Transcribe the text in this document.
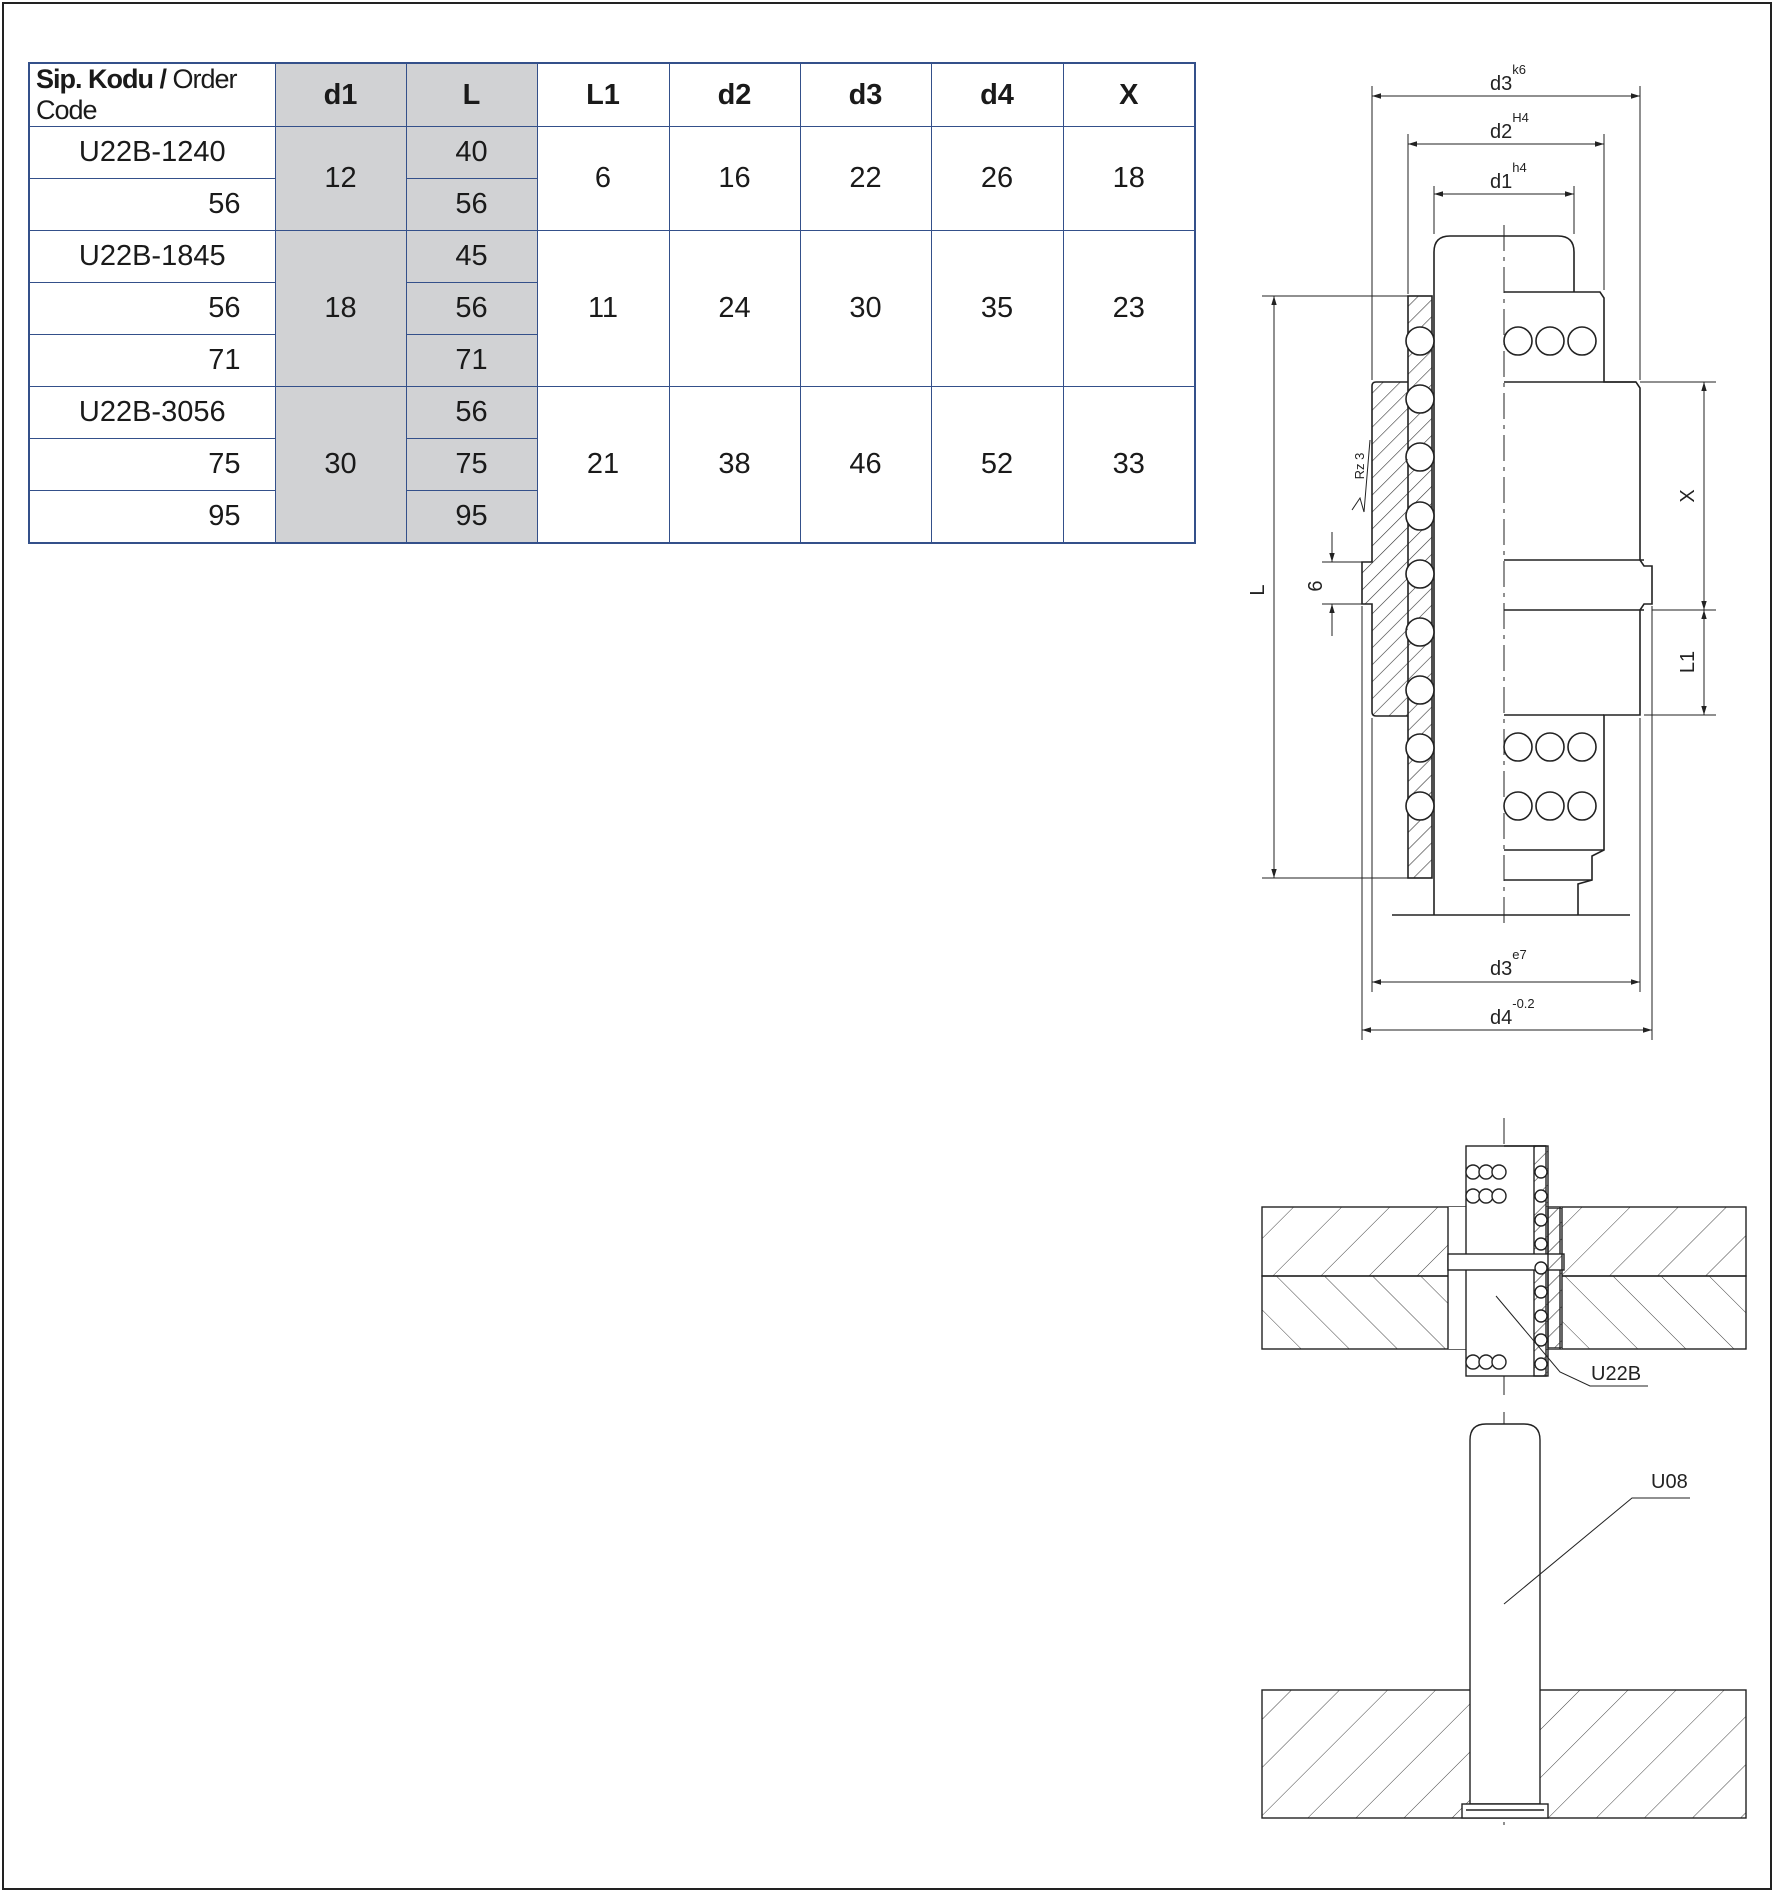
Sip. Kodu / Order Code	d1	L	L1	d2	d3	d4	X
U22B-1240	12	40	6	16	22	26	18
56		56					
U22B-1845	18	45	11	24	30	35	23
56		56					
71		71					
U22B-3056	30	56	21	38	46	52	33
75		75					
95		95					
$d3^{k6}$
$d2^{H4}$
$d1^{h4}$
$d3^{e7}$
$d4^{-0.2}$
L 6
X
L1
Rz 3
U22B
U08
